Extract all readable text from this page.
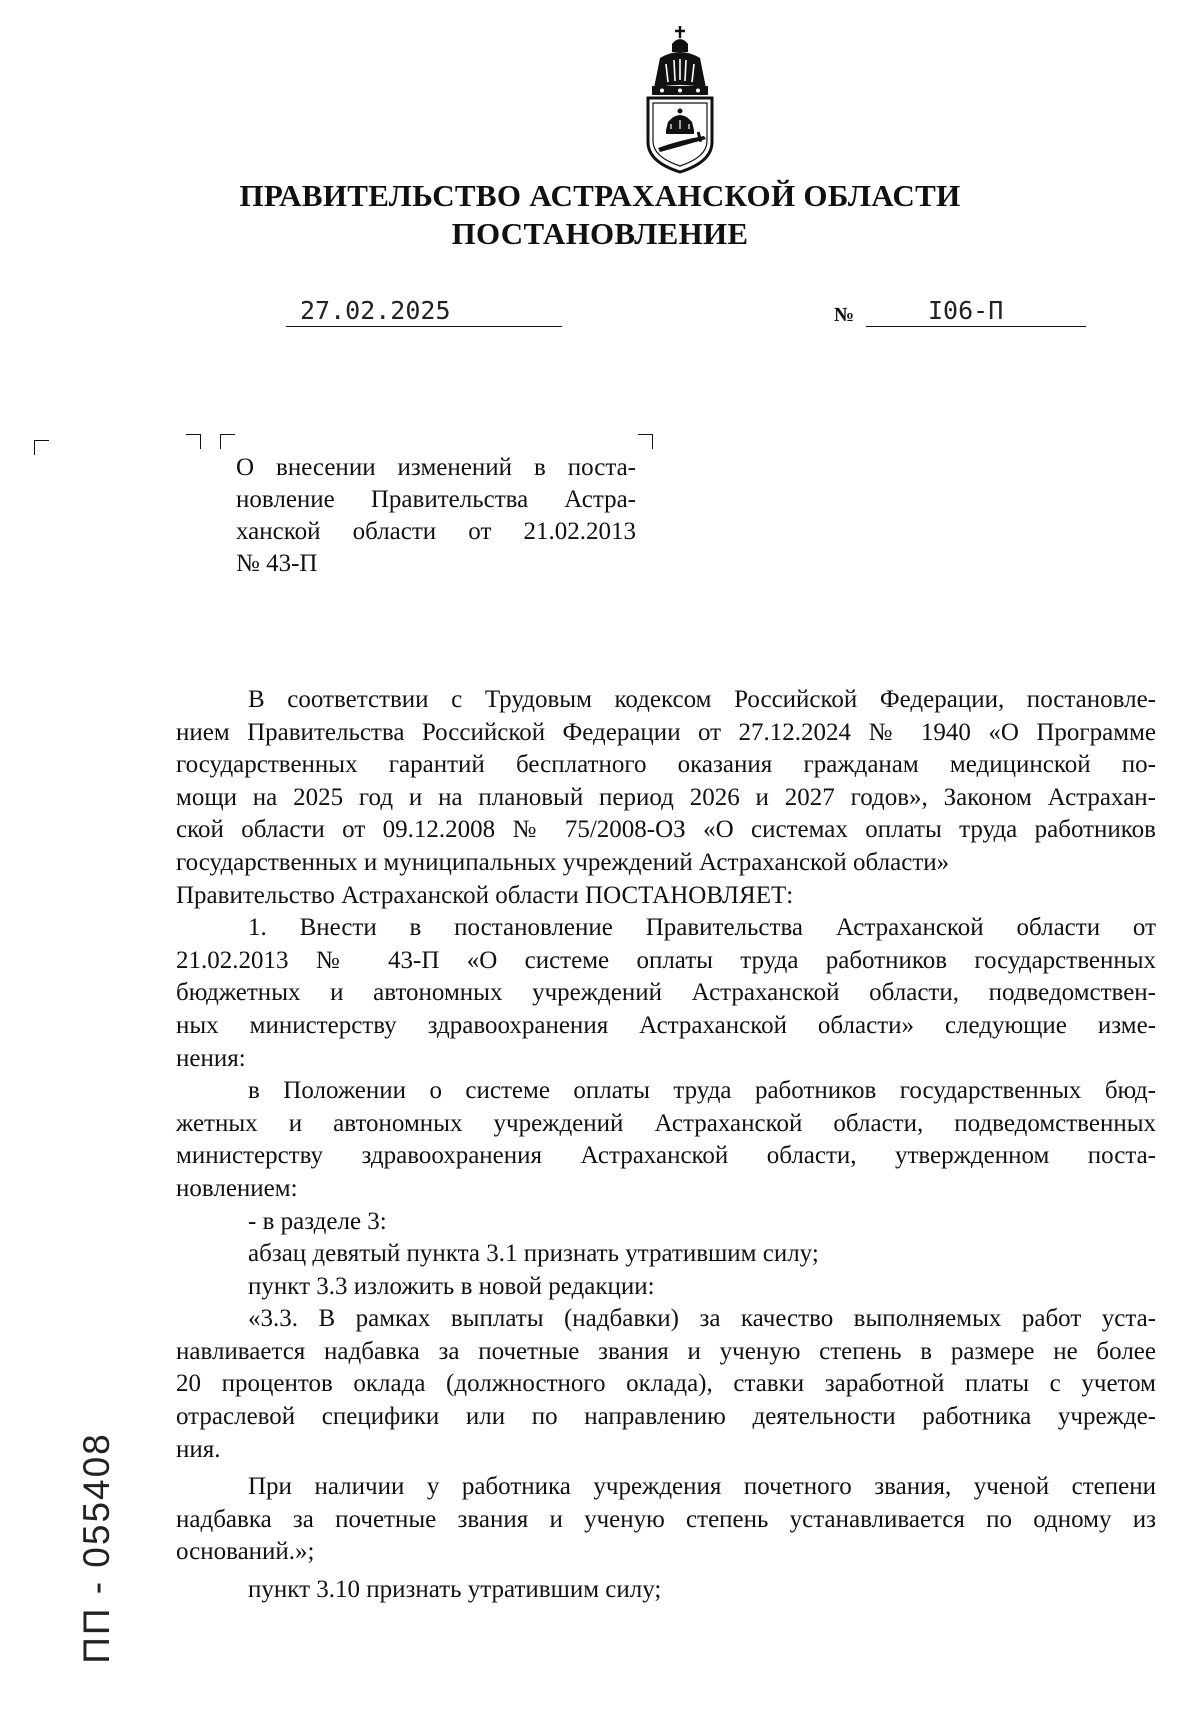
ПРАВИТЕЛЬСТВО АСТРАХАНСКОЙ ОБЛАСТИ
ПОСТАНОВЛЕНИЕ
27.02.2025	№	I06-П
О внесении изменений в поста-
новление Правительства Астра-
ханской области от 21.02.2013
№ 43-П
В соответствии с Трудовым кодексом Российской Федерации, постановле-
нием Правительства Российской Федерации от 27.12.2024 № 1940 «О Программе
государственных гарантий бесплатного оказания гражданам медицинской по-
мощи на 2025 год и на плановый период 2026 и 2027 годов», Законом Астрахан-
ской области от 09.12.2008 № 75/2008-ОЗ «О системах оплаты труда работников
государственных и муниципальных учреждений Астраханской области»
Правительство Астраханской области ПОСТАНОВЛЯЕТ:
1. Внести в постановление Правительства Астраханской области от
21.02.2013 № 43-П «О системе оплаты труда работников государственных
бюджетных и автономных учреждений Астраханской области, подведомствен-
ных министерству здравоохранения Астраханской области» следующие изме-
нения:
в Положении о системе оплаты труда работников государственных бюд-
жетных и автономных учреждений Астраханской области, подведомственных
министерству здравоохранения Астраханской области, утвержденном поста-
новлением:
- в разделе 3:
абзац девятый пункта 3.1 признать утратившим силу;
пункт 3.3 изложить в новой редакции:
«3.3. В рамках выплаты (надбавки) за качество выполняемых работ уста-
навливается надбавка за почетные звания и ученую степень в размере не более
20 процентов оклада (должностного оклада), ставки заработной платы с учетом
отраслевой специфики или по направлению деятельности работника учрежде-
ния.
При наличии у работника учреждения почетного звания, ученой степени
надбавка за почетные звания и ученую степень устанавливается по одному из
оснований.»;
пункт 3.10 признать утратившим силу;
ПП - 055408
